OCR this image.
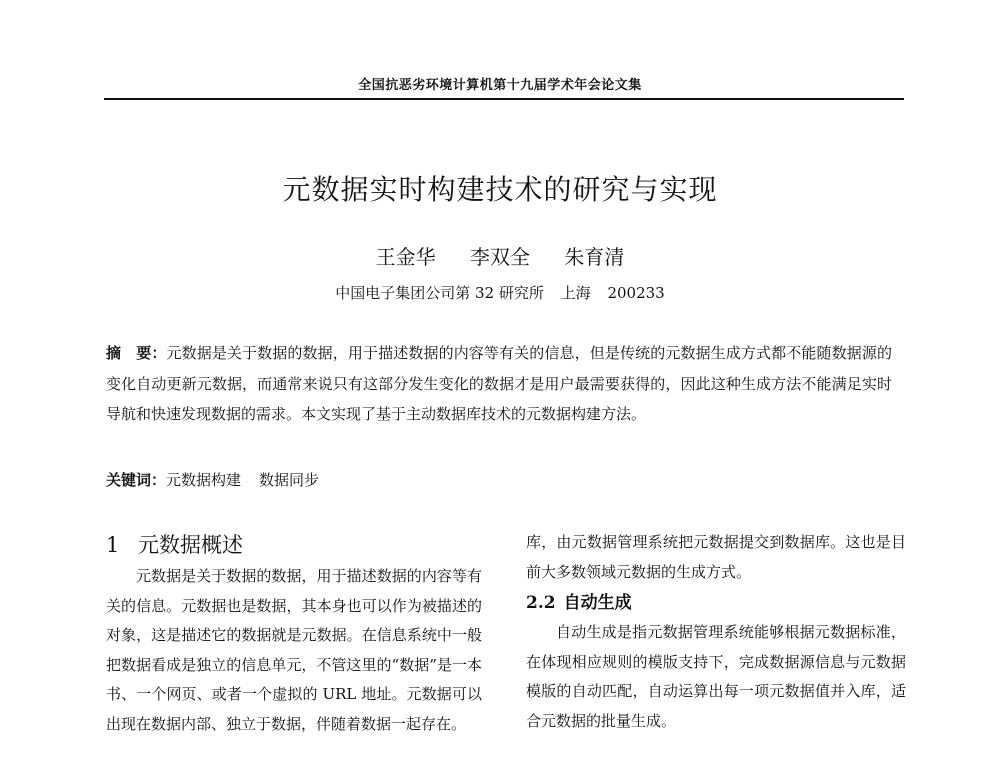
全国抗恶劣环境计算机第十九届学术年会论文集
元数据实时构建技术的研究与实现
王金华 李双全 朱育清
中国电子集团公司第 32 研究所 上海 200233
摘　要：元数据是关于数据的数据，用于描述数据的内容等有关的信息，但是传统的元数据生成方式都不能随数据源的变化自动更新元数据，而通常来说只有这部分发生变化的数据才是用户最需要获得的，因此这种生成方法不能满足实时导航和快速发现数据的需求。本文实现了基于主动数据库技术的元数据构建方法。
关键词：元数据构建 数据同步
1 元数据概述

元数据是关于数据的数据，用于描述数据的内容等有关的信息。元数据也是数据，其本身也可以作为被描述的对象，这是描述它的数据就是元数据。在信息系统中一般把数据看成是独立的信息单元，不管这里的“数据”是一本书、一个网页、或者一个虚拟的 URL 地址。元数据可以出现在数据内部、独立于数据，伴随着数据一起存在。

库，由元数据管理系统把元数据提交到数据库。这也是目前大多数领域元数据的生成方式。

2.2 自动生成

自动生成是指元数据管理系统能够根据元数据标准，在体现相应规则的模版支持下，完成数据源信息与元数据模版的自动匹配，自动运算出每一项元数据值并入库，适合元数据的批量生成。
